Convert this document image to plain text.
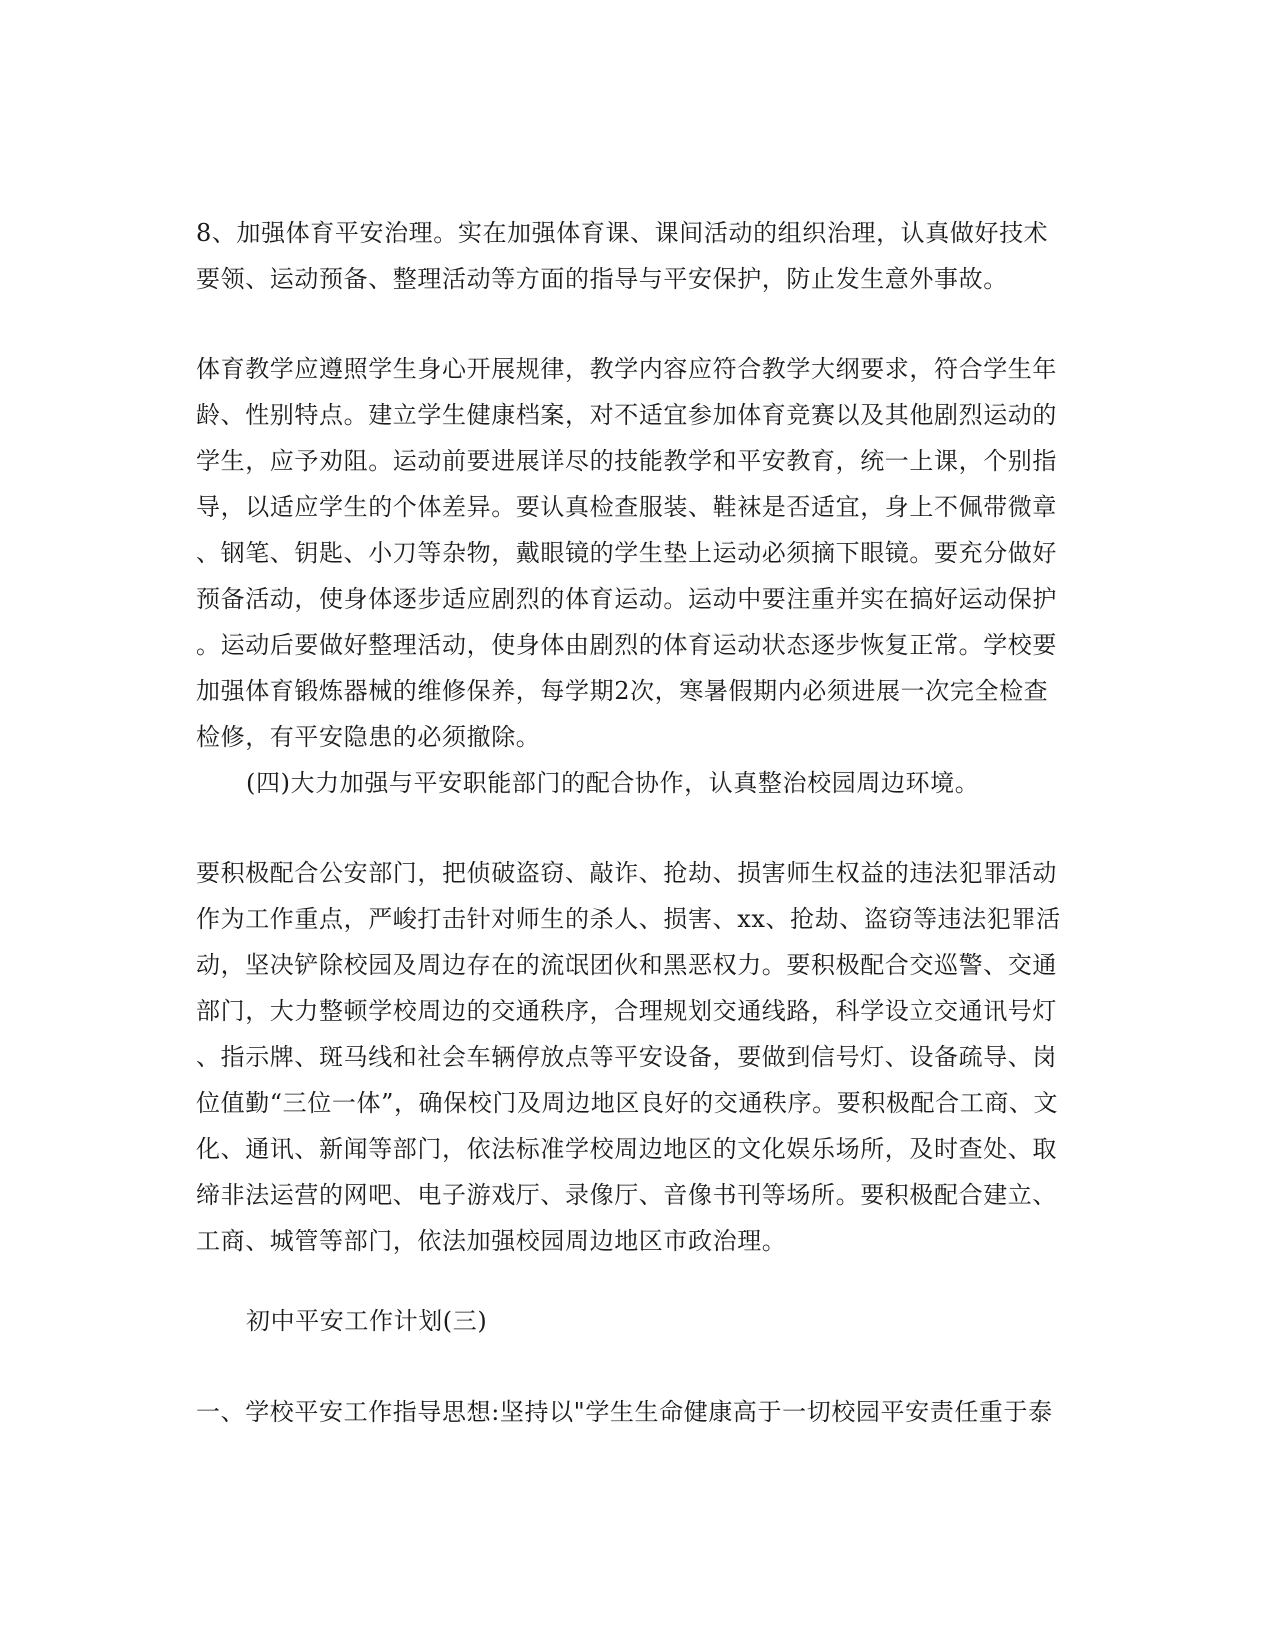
8、加强体育平安治理。实在加强体育课、课间活动的组织治理，认真做好技术
要领、运动预备、整理活动等方面的指导与平安保护，防止发生意外事故。
体育教学应遵照学生身心开展规律，教学内容应符合教学大纲要求，符合学生年
龄、性别特点。建立学生健康档案，对不适宜参加体育竞赛以及其他剧烈运动的
学生，应予劝阻。运动前要进展详尽的技能教学和平安教育，统一上课，个别指
导，以适应学生的个体差异。要认真检查服装、鞋袜是否适宜，身上不佩带微章
、钢笔、钥匙、小刀等杂物，戴眼镜的学生垫上运动必须摘下眼镜。要充分做好
预备活动，使身体逐步适应剧烈的体育运动。运动中要注重并实在搞好运动保护
。运动后要做好整理活动，使身体由剧烈的体育运动状态逐步恢复正常。学校要
加强体育锻炼器械的维修保养，每学期2次，寒暑假期内必须进展一次完全检查
检修，有平安隐患的必须撤除。
(四)大力加强与平安职能部门的配合协作，认真整治校园周边环境。
要积极配合公安部门，把侦破盗窃、敲诈、抢劫、损害师生权益的违法犯罪活动
作为工作重点，严峻打击针对师生的杀人、损害、xx、抢劫、盗窃等违法犯罪活
动，坚决铲除校园及周边存在的流氓团伙和黑恶权力。要积极配合交巡警、交通
部门，大力整顿学校周边的交通秩序，合理规划交通线路，科学设立交通讯号灯
、指示牌、斑马线和社会车辆停放点等平安设备，要做到信号灯、设备疏导、岗
位值勤“三位一体”，确保校门及周边地区良好的交通秩序。要积极配合工商、文
化、通讯、新闻等部门，依法标准学校周边地区的文化娱乐场所，及时查处、取
缔非法运营的网吧、电子游戏厅、录像厅、音像书刊等场所。要积极配合建立、
工商、城管等部门，依法加强校园周边地区市政治理。
初中平安工作计划(三)
一、学校平安工作指导思想:坚持以"学生生命健康高于一切校园平安责任重于泰
